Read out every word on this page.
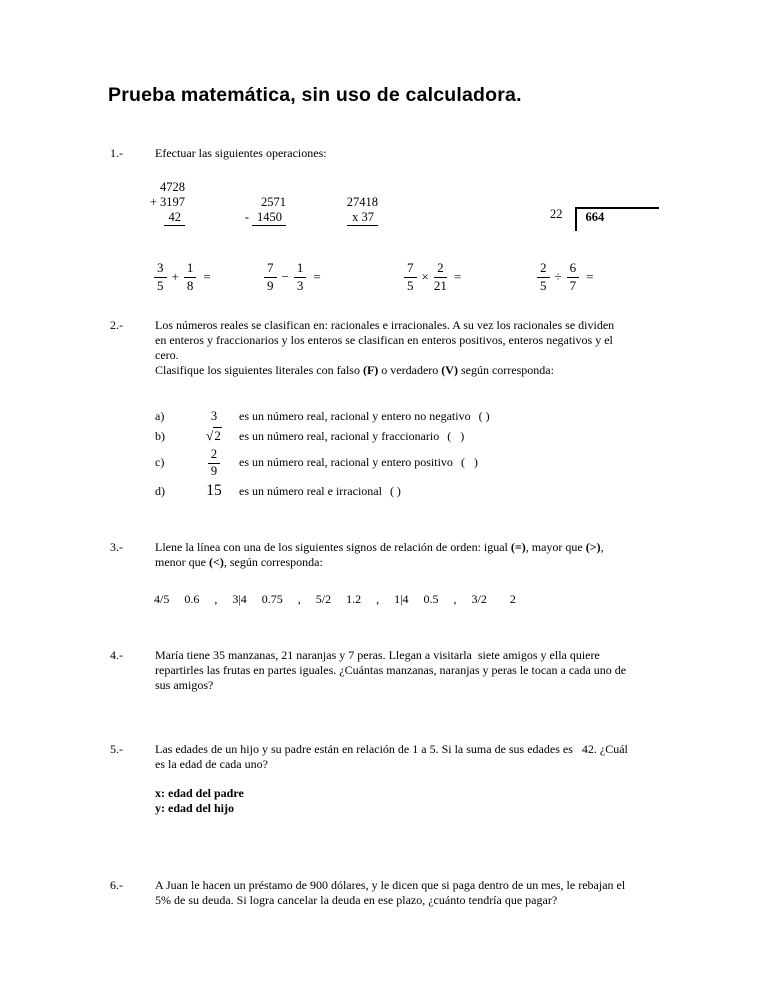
Prueba matemática, sin uso de calculadora.
1.-	Efectuar las siguientes operaciones:
4728
+ 3197
42
2571
- 1450
27418
x 37	22	664
$\frac{3}{5} + \frac{1}{8}$ =	$\frac{7}{9} - \frac{1}{3}$ =	$\frac{7}{5} \times \frac{2}{21}$ =	$\frac{2}{5} \div \frac{6}{7}$ =
2.-	Los números reales se clasifican en: racionales e irracionales. A su vez los racionales se dividen
en enteros y fraccionarios y los enteros se clasifican en enteros positivos, enteros negativos y el
cero.
Clasifique los siguientes literales con falso (F) o verdadero (V) según corresponda:
a)	3	es un número real, racional y entero no negativo ( )
b)	√2	es un número real, racional y fraccionario (   )
c)	$\frac{2}{9}$ es un número real, racional y entero positivo (   )
d)	15	es un número real e irracional ( )
3.-	Llene la línea con una de los siguientes signos de relación de orden: igual (=), mayor que (>),
menor que (<), según corresponda:
4/5 0.6 , 3|4 0.75 , 5/2 1.2 , 1|4 0.5 , 3/2 2
4.-	María tiene 35 manzanas, 21 naranjas y 7 peras. Llegan a visitarla  siete amigos y ella quiere
repartirles las frutas en partes iguales. ¿Cuántas manzanas, naranjas y peras le tocan a cada uno de
sus amigos?
5.-	Las edades de un hijo y su padre están en relación de 1 a 5. Si la suma de sus edades es   42. ¿Cuál
es la edad de cada uno?
x: edad del padre
y: edad del hijo
6.-	A Juan le hacen un préstamo de 900 dólares, y le dicen que si paga dentro de un mes, le rebajan el
5% de su deuda. Si logra cancelar la deuda en ese plazo, ¿cuánto tendría que pagar?
